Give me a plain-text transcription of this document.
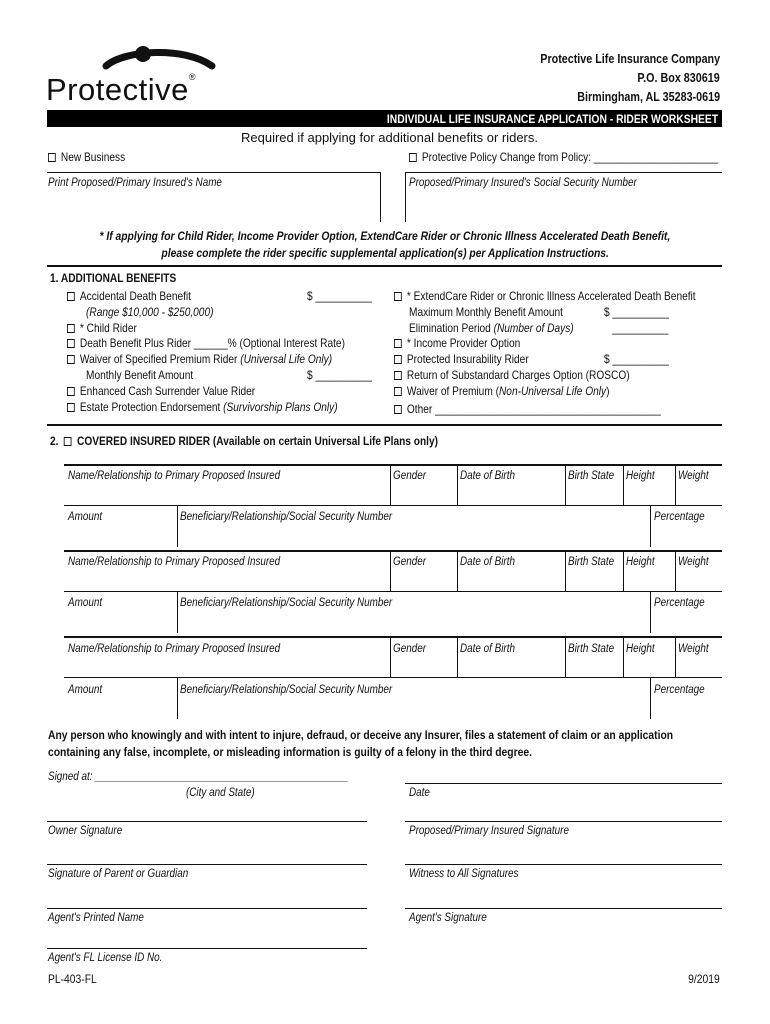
Protective®
Protective Life Insurance Company
P.O. Box 830619
Birmingham, AL 35283-0619
INDIVIDUAL LIFE INSURANCE APPLICATION - RIDER WORKSHEET
Required if applying for additional benefits or riders.
New Business	Protective Policy Change from Policy: ______________________
Print Proposed/Primary Insured's Name	Proposed/Primary Insured's Social Security Number
* If applying for Child Rider, Income Provider Option, ExtendCare Rider or Chronic Illness Accelerated Death Benefit,
please complete the rider specific supplemental application(s) per Application Instructions.
1. ADDITIONAL BENEFITS
Accidental Death Benefit	$ __________
(Range $10,000 - $250,000)
* Child Rider
Death Benefit Plus Rider ______% (Optional Interest Rate)
Waiver of Specified Premium Rider (Universal Life Only)
Monthly Benefit Amount	$ __________
Enhanced Cash Surrender Value Rider
Estate Protection Endorsement (Survivorship Plans Only)
* ExtendCare Rider or Chronic Illness Accelerated Death Benefit
Maximum Monthly Benefit Amount	$ __________
Elimination Period (Number of Days)	__________
* Income Provider Option
Protected Insurability Rider	$ __________
Return of Substandard Charges Option (ROSCO)
Waiver of Premium (Non-Universal Life Only)
Other ________________________________________
2. COVERED INSURED RIDER (Available on certain Universal Life Plans only)
Name/Relationship to Primary Proposed Insured	Gender	Date of Birth	Birth State Height Weight
Amount	Beneficiary/Relationship/Social Security Number	Percentage
Name/Relationship to Primary Proposed Insured	Gender	Date of Birth	Birth State Height Weight
Amount	Beneficiary/Relationship/Social Security Number	Percentage
Name/Relationship to Primary Proposed Insured	Gender	Date of Birth	Birth State Height Weight
Amount	Beneficiary/Relationship/Social Security Number	Percentage
Any person who knowingly and with intent to injure, defraud, or deceive any Insurer, files a statement of claim or an application
containing any false, incomplete, or misleading information is guilty of a felony in the third degree.
Signed at: ______________________________________________
(City and State)	Date
Owner Signature	Proposed/Primary Insured Signature
Signature of Parent or Guardian	Witness to All Signatures
Agent's Printed Name	Agent's Signature
Agent's FL License ID No.
PL-403-FL	9/2019
